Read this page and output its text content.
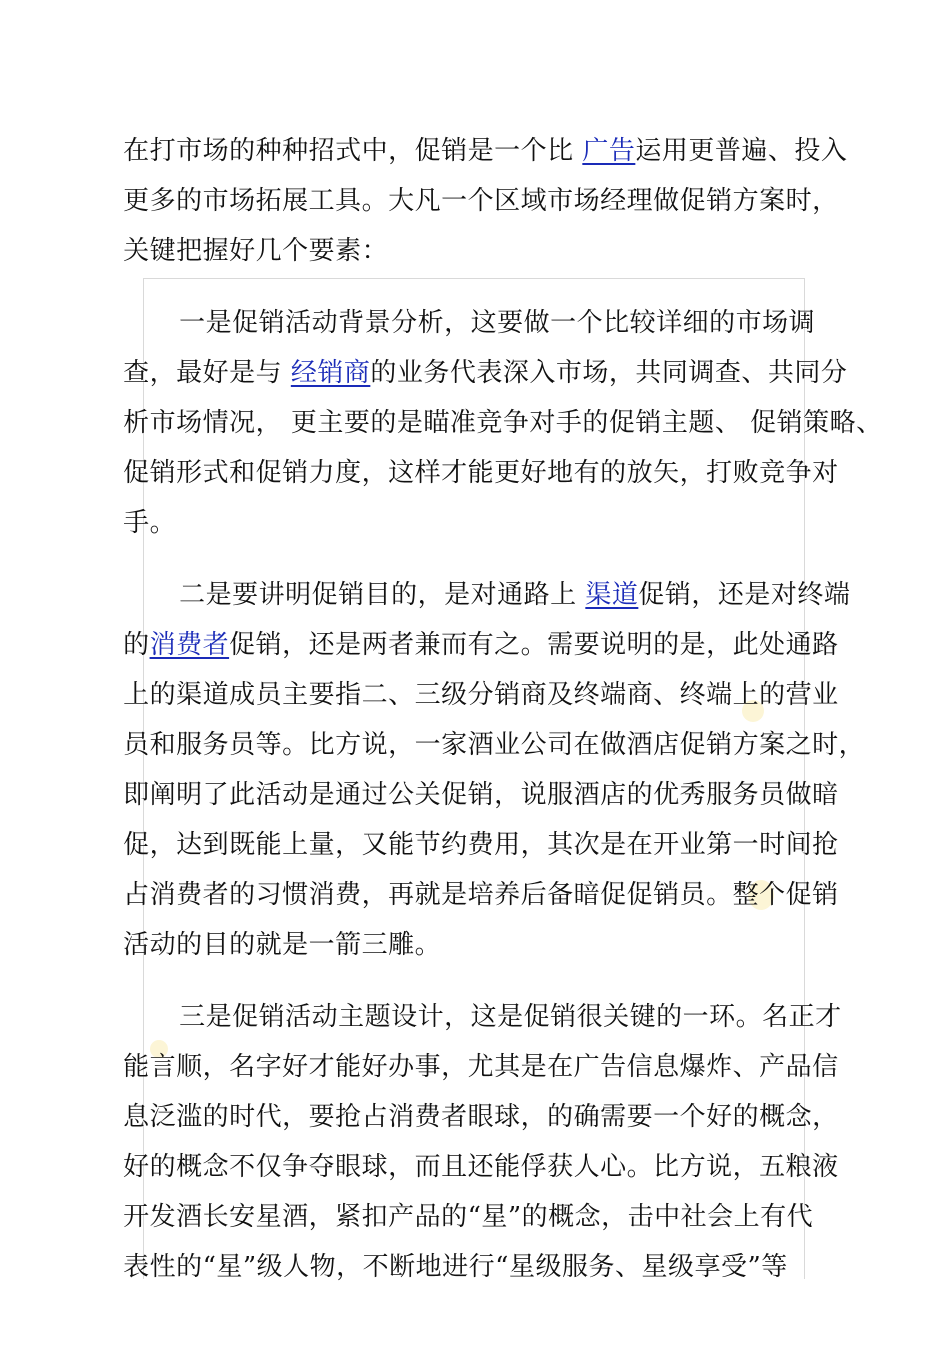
在打市场的种种招式中，促销是一个比 广告运用更普遍、投入

更多的市场拓展工具。大凡一个区域市场经理做促销方案时，

关键把握好几个要素：

一是促销活动背景分析，这要做一个比较详细的市场调

查，最好是与 经销商的业务代表深入市场，共同调查、共同分

析市场情况， 更主要的是瞄准竞争对手的促销主题、 促销策略、

促销形式和促销力度，这样才能更好地有的放矢，打败竞争对

手。

二是要讲明促销目的，是对通路上 渠道促销，还是对终端

的消费者促销，还是两者兼而有之。需要说明的是，此处通路

上的渠道成员主要指二、三级分销商及终端商、终端上的营业

员和服务员等。比方说，一家酒业公司在做酒店促销方案之时，

即阐明了此活动是通过公关促销，说服酒店的优秀服务员做暗

促，达到既能上量，又能节约费用，其次是在开业第一时间抢

占消费者的习惯消费，再就是培养后备暗促促销员。整个促销

活动的目的就是一箭三雕。

三是促销活动主题设计，这是促销很关键的一环。名正才

能言顺，名字好才能好办事，尤其是在广告信息爆炸、产品信

息泛滥的时代，要抢占消费者眼球，的确需要一个好的概念，

好的概念不仅争夺眼球，而且还能俘获人心。比方说，五粮液

开发酒长安星酒，紧扣产品的“星”的概念，击中社会上有代

表性的“星”级人物，不断地进行“星级服务、星级享受”等
